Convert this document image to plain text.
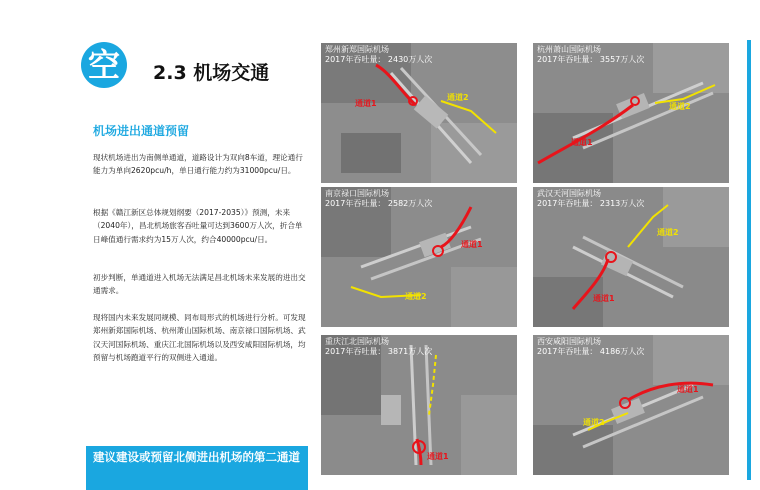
空	2.3 机场交通
机场进出通道预留

现状机场进出为南侧单通道，道路设计为双向8车道，理论通行能力为单向2620pcu/h，单日通行能力约为31000pcu/日。

根据《赣江新区总体规划纲要（2017-2035）》预测，未来（2040年），昌北机场旅客吞吐量可达到3600万人次，折合单日峰值通行需求约为15万人次，约合40000pcu/日。

初步判断，单通道进入机场无法满足昌北机场未来发展的进出交通需求。

现将国内未来发展同规模、同布局形式的机场进行分析。可发现郑州新郑国际机场、杭州萧山国际机场、南京禄口国际机场、武汉天河国际机场、重庆江北国际机场以及西安咸阳国际机场，均预留与机场跑道平行的双侧进入通道。

建议建设或预留北侧进出机场的第二通道
郑州新郑国际机场
2017年吞吐量： 2430万人次
通道1
通道2
杭州萧山国际机场
2017年吞吐量： 3557万人次
通道1
通道2
南京禄口国际机场
2017年吞吐量： 2582万人次
通道1
通道2
武汉天河国际机场
2017年吞吐量： 2313万人次
通道1
通道2
重庆江北国际机场
2017年吞吐量： 3871万人次
通道1
西安咸阳国际机场
2017年吞吐量： 4186万人次
通道1
通道2
